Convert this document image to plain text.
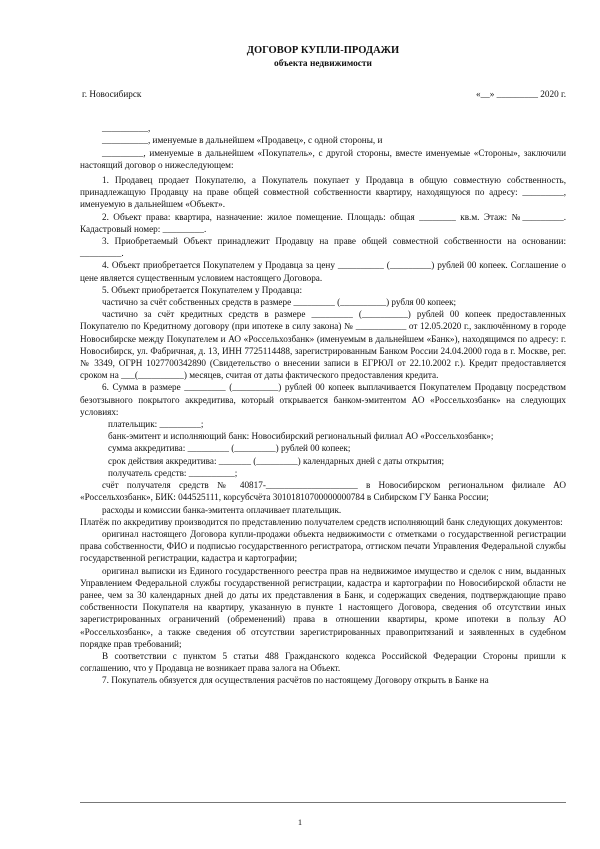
ДОГОВОР КУПЛИ-ПРОДАЖИ
объекта недвижимости
г. Новосибирск	«__» _________ 2020 г.

__________,

__________, именуемые в дальнейшем «Продавец», с одной стороны, и

_________, именуемые в дальнейшем «Покупатель», с другой стороны, вместе именуемые «Стороны», заключили настоящий договор о нижеследующем:

1. Продавец продает Покупателю, а Покупатель покупает у Продавца в общую совместную собственность, принадлежащую Продавцу на праве общей совместной собственности квартиру, находящуюся по адресу: _________, именуемую в дальнейшем «Объект».

2. Объект права: квартира, назначение: жилое помещение. Площадь: общая ________ кв.м. Этаж: №_________. Кадастровый номер: _________.

3. Приобретаемый Объект принадлежит Продавцу на праве общей совместной собственности на основании: _________.

4. Объект приобретается Покупателем у Продавца за цену __________ (_________) рублей 00 копеек. Соглашение о цене является существенным условием настоящего Договора.

5. Объект приобретается Покупателем у Продавца:

частично за счёт собственных средств в размере _________ (__________) рубля 00 копеек;

частично за счёт кредитных средств в размере _________ (__________) рублей 00 копеек предоставленных Покупателю по Кредитному договору (при ипотеке в силу закона) № ___________ от 12.05.2020 г., заключённому в городе Новосибирске между Покупателем и АО «Россельхозбанк» (именуемым в дальнейшем «Банк»), находящимся по адресу: г. Новосибирск, ул. Фабричная, д. 13, ИНН 7725114488, зарегистрированным Банком России 24.04.2000 года в г. Москве, рег. № 3349, ОГРН 1027700342890 (Свидетельство о внесении записи в ЕГРЮЛ от 22.10.2002 г.). Кредит предоставляется сроком на ___(__________) месяцев, считая от даты фактического предоставления кредита.

6. Сумма в размере _________ (__________) рублей 00 копеек выплачивается Покупателем Продавцу посредством безотзывного покрытого аккредитива, который открывается банком-эмитентом АО «Россельхозбанк» на следующих условиях:

плательщик: _________;

банк-эмитент и исполняющий банк: Новосибирский региональный филиал АО «Россельхозбанк»;

сумма аккредитива: _________ (_________) рублей 00 копеек;

срок действия аккредитива: _______ (_________) календарных дней с даты открытия;

получатель средств: __________;

счёт получателя средств № 40817-____________________ в Новосибирском региональном филиале АО «Россельхозбанк», БИК: 044525111, корсубсчёта 30101810700000000784 в Сибирском ГУ Банка России;

расходы и комиссии банка-эмитента оплачивает плательщик.

Платёж по аккредитиву производится по представлению получателем средств исполняющий банк следующих документов:

оригинал настоящего Договора купли-продажи объекта недвижимости с отметками о государственной регистрации права собственности, ФИО и подписью государственного регистратора, оттиском печати Управления Федеральной службы государственной регистрации, кадастра и картографии;

оригинал выписки из Единого государственного реестра прав на недвижимое имущество и сделок с ним, выданных Управлением Федеральной службы государственной регистрации, кадастра и картографии по Новосибирской области не ранее, чем за 30 календарных дней до даты их представления в Банк, и содержащих сведения, подтверждающие право собственности Покупателя на квартиру, указанную в пункте 1 настоящего Договора, сведения об отсутствии иных зарегистрированных ограничений (обременений) права в отношении квартиры, кроме ипотеки в пользу АО «Россельхозбанк», а также сведения об отсутствии зарегистрированных правопритязаний и заявленных в судебном порядке прав требований;

В соответствии с пунктом 5 статьи 488 Гражданского кодекса Российской Федерации Стороны пришли к соглашению, что у Продавца не возникает права залога на Объект.

7. Покупатель обязуется для осуществления расчётов по настоящему Договору открыть в Банке на

1
